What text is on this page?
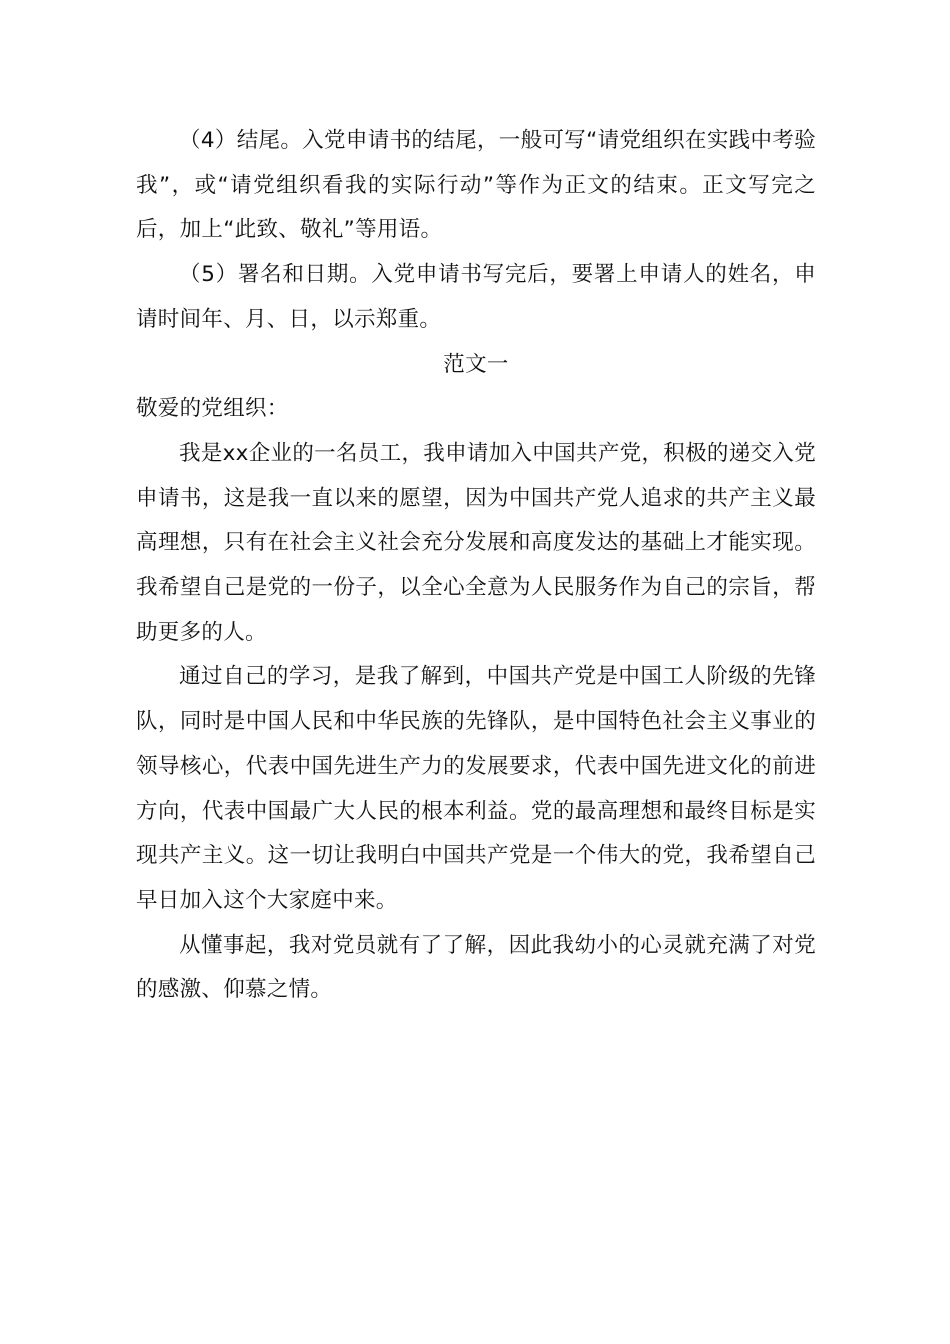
（4）结尾。入党申请书的结尾，一般可写“请党组织在实践中考验我”，或“请党组织看我的实际行动”等作为正文的结束。正文写完之后，加上“此致、敬礼”等用语。

（5）署名和日期。入党申请书写完后，要署上申请人的姓名，申请时间年、月、日，以示郑重。

范文一

敬爱的党组织：

我是xx企业的一名员工，我申请加入中国共产党，积极的递交入党申请书，这是我一直以来的愿望，因为中国共产党人追求的共产主义最高理想，只有在社会主义社会充分发展和高度发达的基础上才能实现。我希望自己是党的一份子，以全心全意为人民服务作为自己的宗旨，帮助更多的人。

通过自己的学习，是我了解到，中国共产党是中国工人阶级的先锋队，同时是中国人民和中华民族的先锋队，是中国特色社会主义事业的领导核心，代表中国先进生产力的发展要求，代表中国先进文化的前进方向，代表中国最广大人民的根本利益。党的最高理想和最终目标是实现共产主义。这一切让我明白中国共产党是一个伟大的党，我希望自己早日加入这个大家庭中来。

从懂事起，我对党员就有了了解，因此我幼小的心灵就充满了对党的感激、仰慕之情。
